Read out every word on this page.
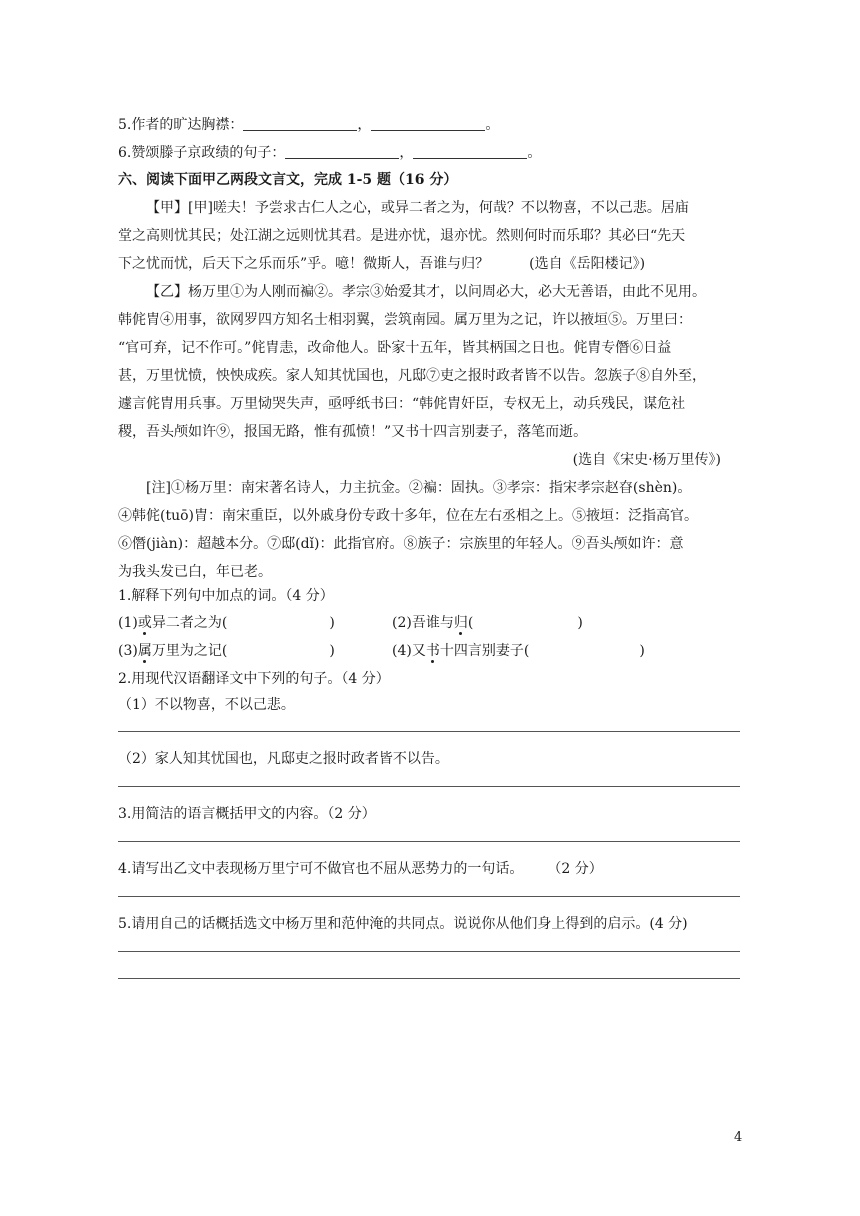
5.作者的旷达胸襟：	，	。
6.赞颂滕子京政绩的句子：	，	。
六、阅读下面甲乙两段文言文，完成 1-5 题（16 分）
【甲】[甲]嗟夫！予尝求古仁人之心，或异二者之为，何哉？不以物喜，不以己悲。居庙
堂之高则忧其民；处江湖之远则忧其君。是进亦忧，退亦忧。然则何时而乐耶？其必曰“先天
下之忧而忧，后天下之乐而乐”乎。噫！微斯人，吾谁与归？	(选自《岳阳楼记》)
【乙】杨万里①为人刚而褊②。孝宗③始爱其才，以问周必大，必大无善语，由此不见用。
韩侂胄④用事，欲网罗四方知名士相羽翼，尝筑南园。属万里为之记，许以掖垣⑤。万里曰：
“官可弃，记不作可。”侂胄恚，改命他人。卧家十五年，皆其柄国之日也。侂胄专僭⑥日益
甚，万里忧愤，怏怏成疾。家人知其忧国也，凡邸⑦吏之报时政者皆不以告。忽族子⑧自外至，
遽言侂胄用兵事。万里恸哭失声，亟呼纸书曰：“韩侂胄奸臣，专权无上，动兵残民，谋危社
稷，吾头颅如许⑨，报国无路，惟有孤愤！”又书十四言别妻子，落笔而逝。
(选自《宋史·杨万里传》)
[注]①杨万里：南宋著名诗人，力主抗金。②褊：固执。③孝宗：指宋孝宗赵昚(shèn)。
④韩侂(tuō)胄：南宋重臣，以外戚身份专政十多年，位在左右丞相之上。⑤掖垣：泛指高官。
⑥僭(jiàn)：超越本分。⑦邸(dǐ)：此指官府。⑧族子：宗族里的年轻人。⑨吾头颅如许：意
为我头发已白，年已老。
1.解释下列句中加点的词。（4 分）
(1)或异二者之为(	)	(2)吾谁与归(	)
(3)属万里为之记(	)	(4)又书十四言别妻子(	)
2.用现代汉语翻译文中下列的句子。（4 分）
（1）不以物喜，不以己悲。
（2）家人知其忧国也，凡邸吏之报时政者皆不以告。
3.用简洁的语言概括甲文的内容。（2 分）
4.请写出乙文中表现杨万里宁可不做官也不屈从恶势力的一句话。 （2 分）
5.请用自己的话概括选文中杨万里和范仲淹的共同点。说说你从他们身上得到的启示。(4 分)
4
